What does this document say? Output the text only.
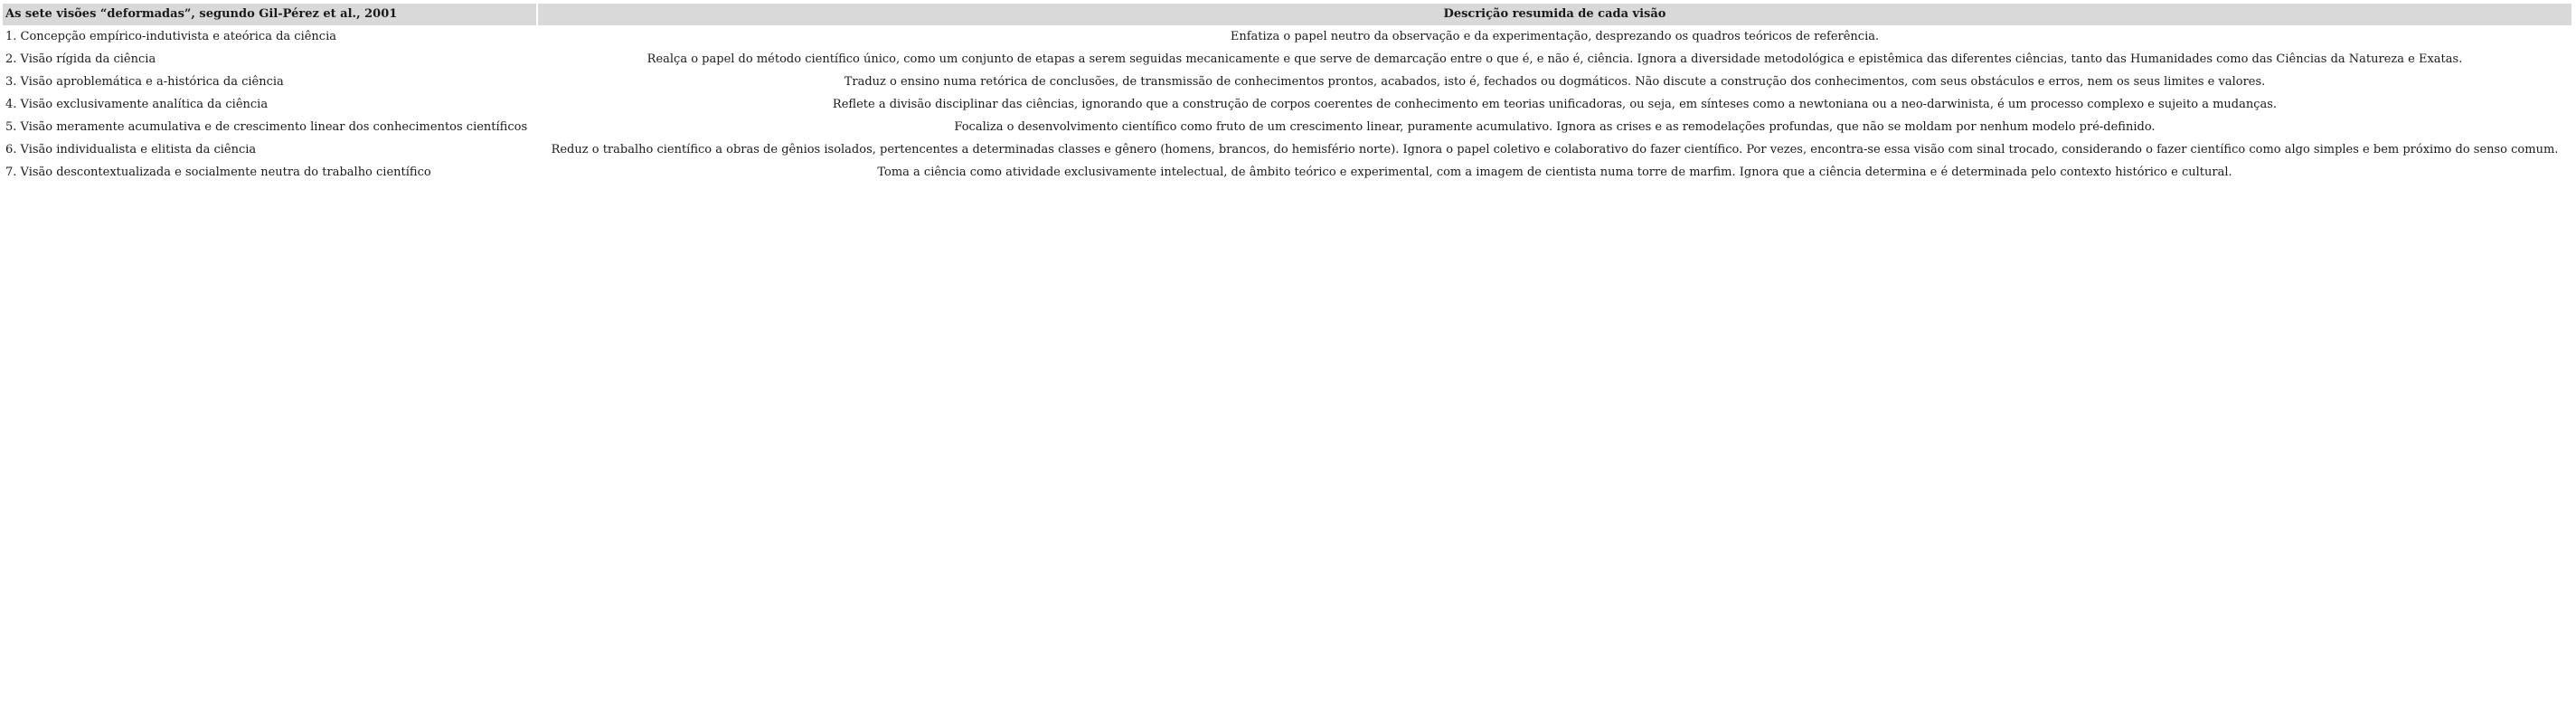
As sete visões “deformadas”, segundo Gil-Pérez et al., 2001	Descrição resumida de cada visão
1. Concepção empírico-indutivista e ateórica da ciência	Enfatiza o papel neutro da observação e da experimentação, desprezando os quadros teóricos de referência.
2. Visão rígida da ciência	Realça o papel do método científico único, como um conjunto de etapas a serem seguidas mecanicamente e que serve de demarcação entre o que é, e não é, ciência. Ignora a diversidade metodológica e epistêmica das diferentes ciências, tanto das Humanidades como das Ciências da Natureza e Exatas.
3. Visão aproblemática e a-histórica da ciência	Traduz o ensino numa retórica de conclusões, de transmissão de conhecimentos prontos, acabados, isto é, fechados ou dogmáticos. Não discute a construção dos conhecimentos, com seus obstáculos e erros, nem os seus limites e valores.
4. Visão exclusivamente analítica da ciência	Reflete a divisão disciplinar das ciências, ignorando que a construção de corpos coerentes de conhecimento em teorias unificadoras, ou seja, em sínteses como a newtoniana ou a neo-darwinista, é um processo complexo e sujeito a mudanças.
5. Visão meramente acumulativa e de crescimento linear dos conhecimentos científicos	Focaliza o desenvolvimento científico como fruto de um crescimento linear, puramente acumulativo. Ignora as crises e as remodelações profundas, que não se moldam por nenhum modelo pré-definido.
6. Visão individualista e elitista da ciência	Reduz o trabalho científico a obras de gênios isolados, pertencentes a determinadas classes e gênero (homens, brancos, do hemisfério norte). Ignora o papel coletivo e colaborativo do fazer científico. Por vezes, encontra-se essa visão com sinal trocado, considerando o fazer científico como algo simples e bem próximo do senso comum.
7. Visão descontextualizada e socialmente neutra do trabalho científico	Toma a ciência como atividade exclusivamente intelectual, de âmbito teórico e experimental, com a imagem de cientista numa torre de marfim. Ignora que a ciência determina e é determinada pelo contexto histórico e cultural.
